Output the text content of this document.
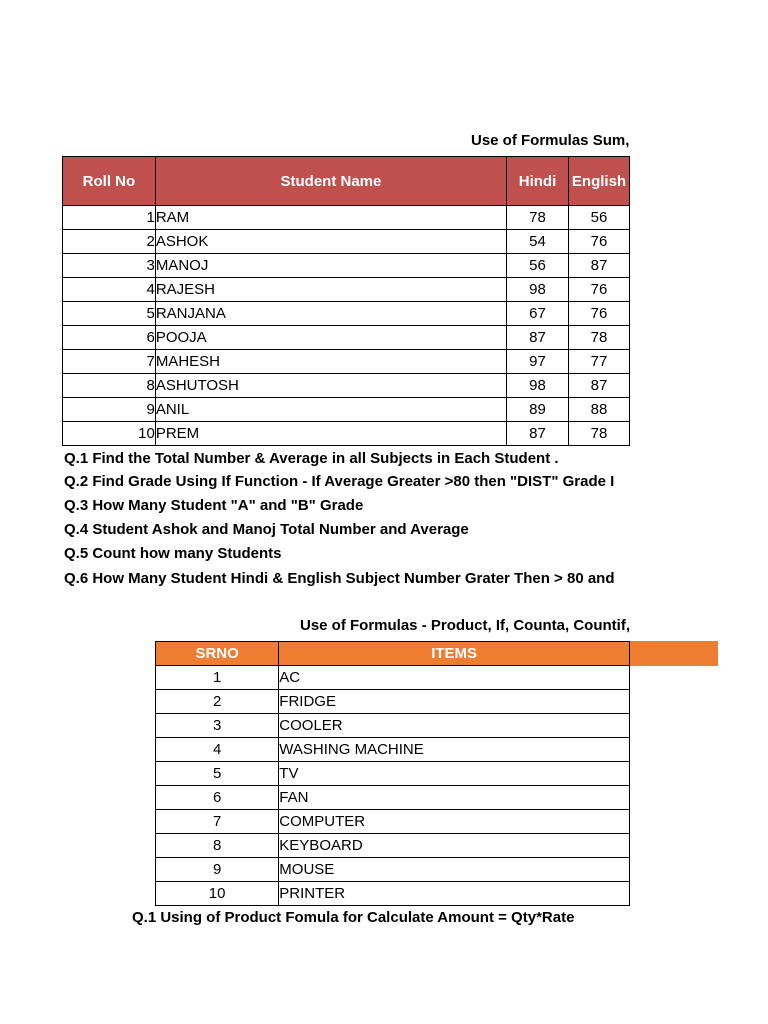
Use of Formulas Sum,
Roll No	Student Name	Hindi	English
1	RAM	78	56
2	ASHOK	54	76
3	MANOJ	56	87
4	RAJESH	98	76
5	RANJANA	67	76
6	POOJA	87	78
7	MAHESH	97	77
8	ASHUTOSH	98	87
9	ANIL	89	88
10	PREM	87	78
Q.1 Find the Total Number & Average in all Subjects in Each Student .
Q.2 Find Grade Using If Function - If Average Greater >80 then "DIST" Grade I
Q.3 How Many Student "A" and "B" Grade
Q.4 Student Ashok and Manoj Total Number and Average
Q.5 Count how many Students
Q.6 How Many Student Hindi & English Subject Number Grater Then > 80 and
Use of Formulas - Product, If, Counta, Countif,
SRNO	ITEMS
1	AC
2	FRIDGE
3	COOLER
4	WASHING MACHINE
5	TV
6	FAN
7	COMPUTER
8	KEYBOARD
9	MOUSE
10	PRINTER
Q.1 Using of Product Fomula for Calculate Amount = Qty*Rate
